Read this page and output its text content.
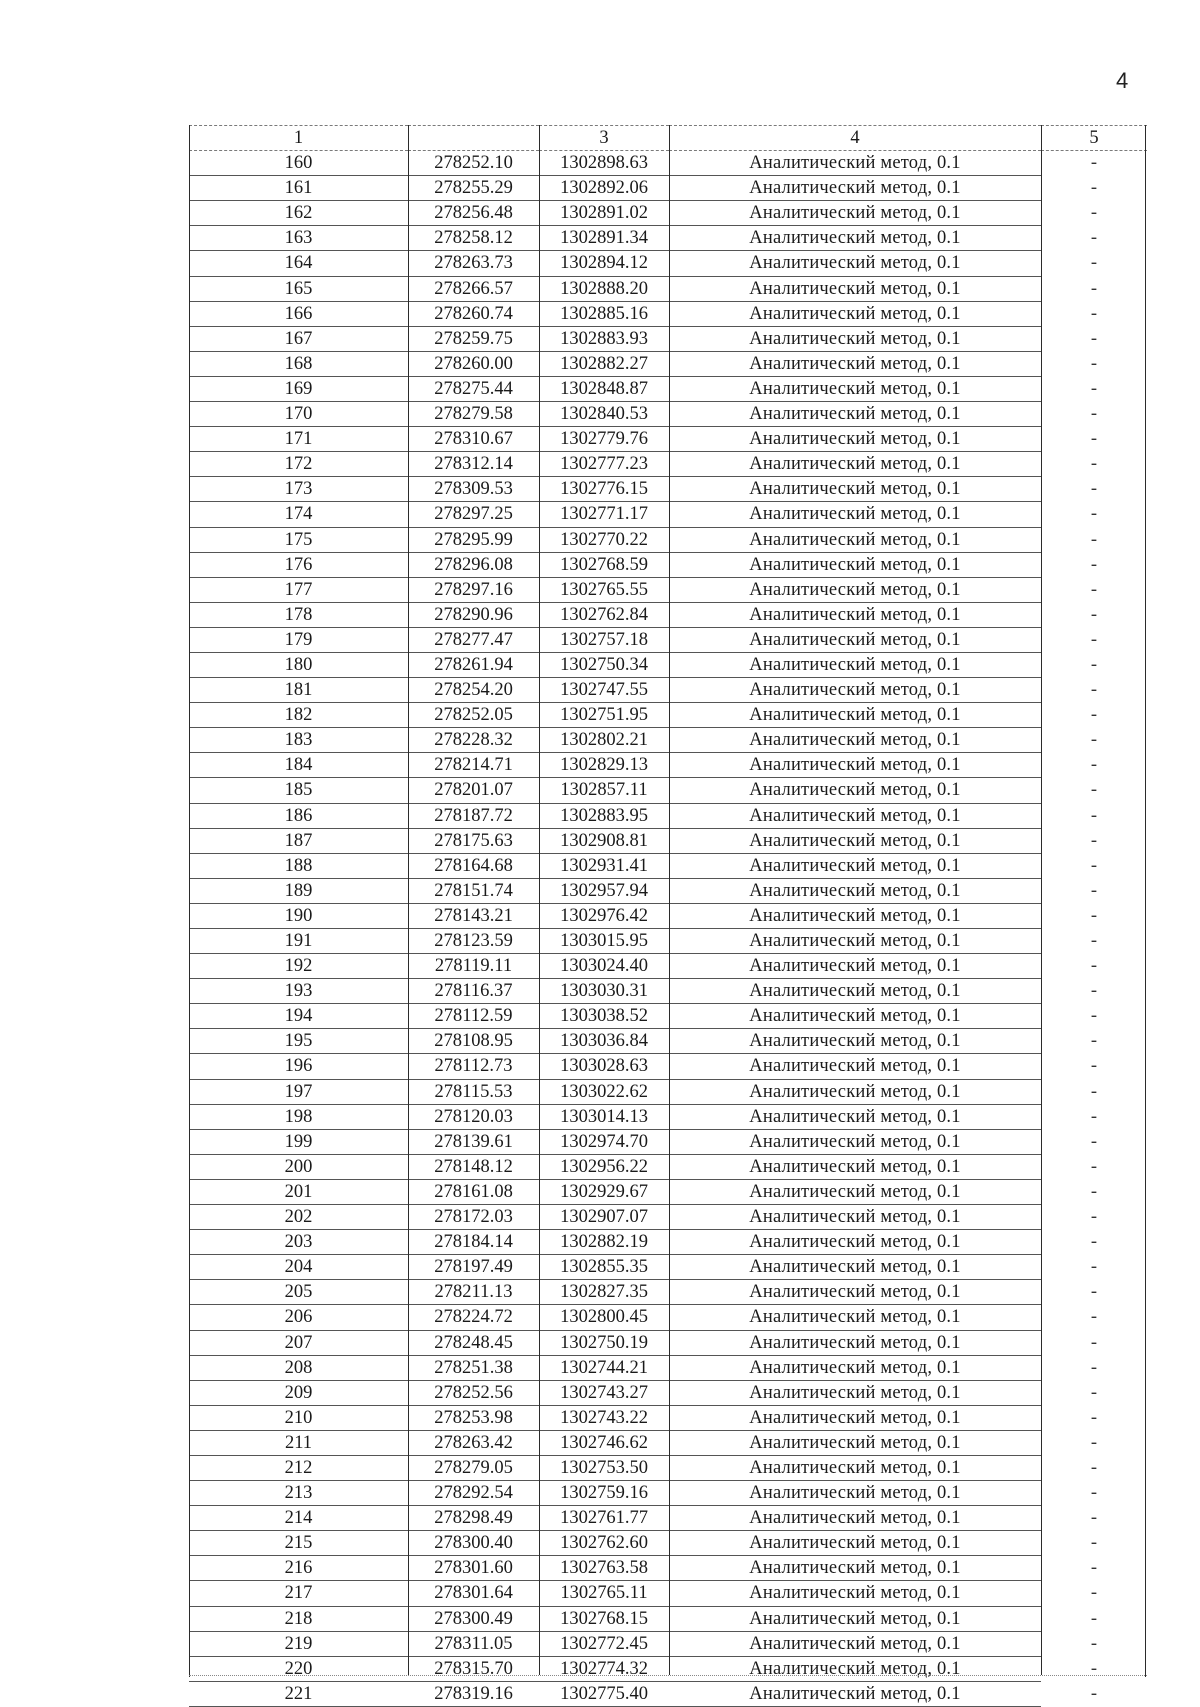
4
1		3	4	5
160	278252.10	1302898.63	Аналитический метод, 0.1	-
161	278255.29	1302892.06	Аналитический метод, 0.1	-
162	278256.48	1302891.02	Аналитический метод, 0.1	-
163	278258.12	1302891.34	Аналитический метод, 0.1	-
164	278263.73	1302894.12	Аналитический метод, 0.1	-
165	278266.57	1302888.20	Аналитический метод, 0.1	-
166	278260.74	1302885.16	Аналитический метод, 0.1	-
167	278259.75	1302883.93	Аналитический метод, 0.1	-
168	278260.00	1302882.27	Аналитический метод, 0.1	-
169	278275.44	1302848.87	Аналитический метод, 0.1	-
170	278279.58	1302840.53	Аналитический метод, 0.1	-
171	278310.67	1302779.76	Аналитический метод, 0.1	-
172	278312.14	1302777.23	Аналитический метод, 0.1	-
173	278309.53	1302776.15	Аналитический метод, 0.1	-
174	278297.25	1302771.17	Аналитический метод, 0.1	-
175	278295.99	1302770.22	Аналитический метод, 0.1	-
176	278296.08	1302768.59	Аналитический метод, 0.1	-
177	278297.16	1302765.55	Аналитический метод, 0.1	-
178	278290.96	1302762.84	Аналитический метод, 0.1	-
179	278277.47	1302757.18	Аналитический метод, 0.1	-
180	278261.94	1302750.34	Аналитический метод, 0.1	-
181	278254.20	1302747.55	Аналитический метод, 0.1	-
182	278252.05	1302751.95	Аналитический метод, 0.1	-
183	278228.32	1302802.21	Аналитический метод, 0.1	-
184	278214.71	1302829.13	Аналитический метод, 0.1	-
185	278201.07	1302857.11	Аналитический метод, 0.1	-
186	278187.72	1302883.95	Аналитический метод, 0.1	-
187	278175.63	1302908.81	Аналитический метод, 0.1	-
188	278164.68	1302931.41	Аналитический метод, 0.1	-
189	278151.74	1302957.94	Аналитический метод, 0.1	-
190	278143.21	1302976.42	Аналитический метод, 0.1	-
191	278123.59	1303015.95	Аналитический метод, 0.1	-
192	278119.11	1303024.40	Аналитический метод, 0.1	-
193	278116.37	1303030.31	Аналитический метод, 0.1	-
194	278112.59	1303038.52	Аналитический метод, 0.1	-
195	278108.95	1303036.84	Аналитический метод, 0.1	-
196	278112.73	1303028.63	Аналитический метод, 0.1	-
197	278115.53	1303022.62	Аналитический метод, 0.1	-
198	278120.03	1303014.13	Аналитический метод, 0.1	-
199	278139.61	1302974.70	Аналитический метод, 0.1	-
200	278148.12	1302956.22	Аналитический метод, 0.1	-
201	278161.08	1302929.67	Аналитический метод, 0.1	-
202	278172.03	1302907.07	Аналитический метод, 0.1	-
203	278184.14	1302882.19	Аналитический метод, 0.1	-
204	278197.49	1302855.35	Аналитический метод, 0.1	-
205	278211.13	1302827.35	Аналитический метод, 0.1	-
206	278224.72	1302800.45	Аналитический метод, 0.1	-
207	278248.45	1302750.19	Аналитический метод, 0.1	-
208	278251.38	1302744.21	Аналитический метод, 0.1	-
209	278252.56	1302743.27	Аналитический метод, 0.1	-
210	278253.98	1302743.22	Аналитический метод, 0.1	-
211	278263.42	1302746.62	Аналитический метод, 0.1	-
212	278279.05	1302753.50	Аналитический метод, 0.1	-
213	278292.54	1302759.16	Аналитический метод, 0.1	-
214	278298.49	1302761.77	Аналитический метод, 0.1	-
215	278300.40	1302762.60	Аналитический метод, 0.1	-
216	278301.60	1302763.58	Аналитический метод, 0.1	-
217	278301.64	1302765.11	Аналитический метод, 0.1	-
218	278300.49	1302768.15	Аналитический метод, 0.1	-
219	278311.05	1302772.45	Аналитический метод, 0.1	-
220	278315.70	1302774.32	Аналитический метод, 0.1	-
221	278319.16	1302775.40	Аналитический метод, 0.1	-
